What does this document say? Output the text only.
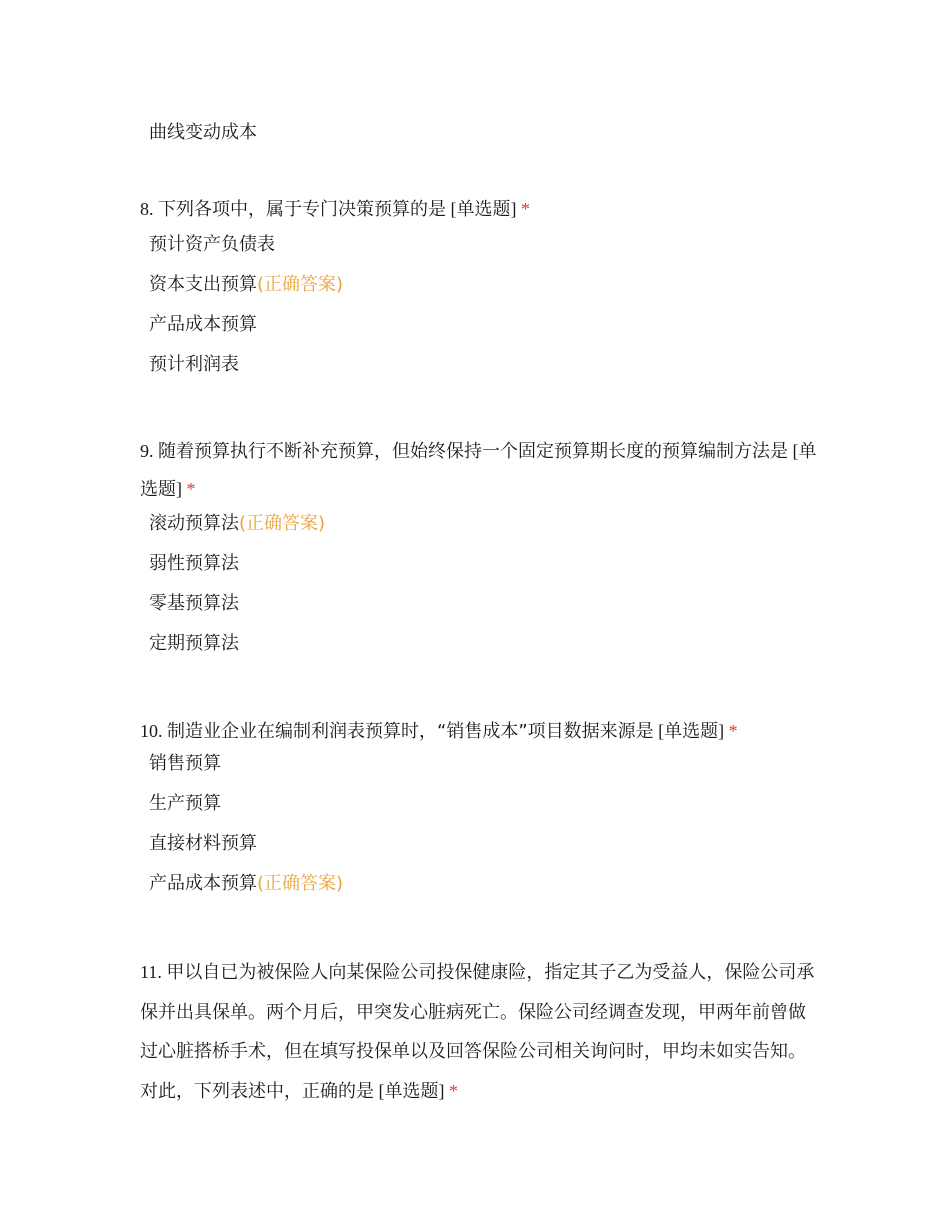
曲线变动成本

8. 下列各项中，属于专门决策预算的是 [单选题] *

预计资产负债表
资本支出预算(正确答案)
产品成本预算
预计利润表

9. 随着预算执行不断补充预算，但始终保持一个固定预算期长度的预算编制方法是 [单选题] *

滚动预算法(正确答案)
弱性预算法
零基预算法
定期预算法

10. 制造业企业在编制利润表预算时，“销售成本”项目数据来源是 [单选题] *

销售预算
生产预算
直接材料预算
产品成本预算(正确答案)

11. 甲以自已为被保险人向某保险公司投保健康险，指定其子乙为受益人，保险公司承保并出具保单。两个月后，甲突发心脏病死亡。保险公司经调查发现，甲两年前曾做过心脏搭桥手术，但在填写投保单以及回答保险公司相关询问时，甲均未如实告知。对此，下列表述中，正确的是 [单选题] *
